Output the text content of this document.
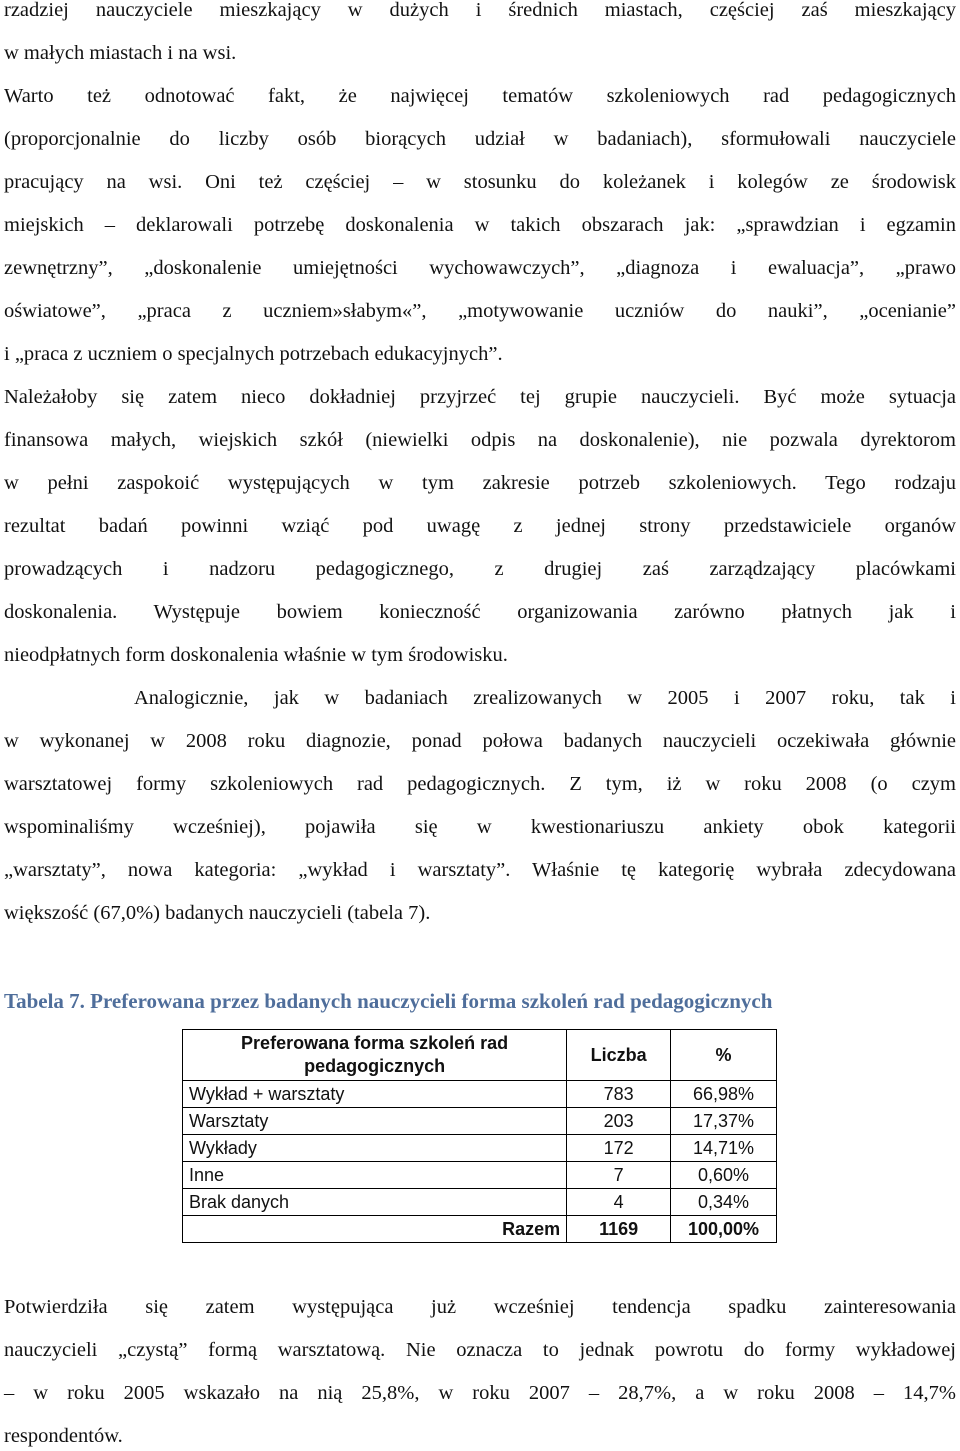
rzadziej nauczyciele mieszkający w dużych i średnich miastach, częściej zaś mieszkający
w małych miastach i na wsi.
Warto też odnotować fakt, że najwięcej tematów szkoleniowych rad pedagogicznych
(proporcjonalnie do liczby osób biorących udział w badaniach), sformułowali nauczyciele
pracujący na wsi. Oni też częściej – w stosunku do koleżanek i kolegów ze środowisk
miejskich – deklarowali potrzebę doskonalenia w takich obszarach jak: „sprawdzian i egzamin
zewnętrzny”, „doskonalenie umiejętności wychowawczych”, „diagnoza i ewaluacja”, „prawo
oświatowe”, „praca z uczniem»słabym«”, „motywowanie uczniów do nauki”, „ocenianie”
i „praca z uczniem o specjalnych potrzebach edukacyjnych”.
Należałoby się zatem nieco dokładniej przyjrzeć tej grupie nauczycieli. Być może sytuacja
finansowa małych, wiejskich szkół (niewielki odpis na doskonalenie), nie pozwala dyrektorom
w pełni zaspokoić występujących w tym zakresie potrzeb szkoleniowych. Tego rodzaju
rezultat badań powinni wziąć pod uwagę z jednej strony przedstawiciele organów
prowadzących i nadzoru pedagogicznego, z drugiej zaś zarządzający placówkami
doskonalenia. Występuje bowiem konieczność organizowania zarówno płatnych jak i
nieodpłatnych form doskonalenia właśnie w tym środowisku.
Analogicznie, jak w badaniach zrealizowanych w 2005 i 2007 roku, tak i
w wykonanej w 2008 roku diagnozie, ponad połowa badanych nauczycieli oczekiwała głównie
warsztatowej formy szkoleniowych rad pedagogicznych. Z tym, iż w roku 2008 (o czym
wspominaliśmy wcześniej), pojawiła się w kwestionariuszu ankiety obok kategorii
„warsztaty”, nowa kategoria: „wykład i warsztaty”. Właśnie tę kategorię wybrała zdecydowana
większość (67,0%) badanych nauczycieli (tabela 7).
Tabela 7. Preferowana przez badanych nauczycieli forma szkoleń rad pedagogicznych
Preferowana forma szkoleń rad pedagogicznych	Liczba	%
Wykład + warsztaty	783	66,98%
Warsztaty	203	17,37%
Wykłady	172	14,71%
Inne	7	0,60%
Brak danych	4	0,34%
Razem	1169	100,00%
Potwierdziła się zatem występująca już wcześniej tendencja spadku zainteresowania
nauczycieli „czystą” formą warsztatową. Nie oznacza to jednak powrotu do formy wykładowej
– w roku 2005 wskazało na nią 25,8%, w roku 2007 – 28,7%, a w roku 2008 – 14,7%
respondentów.
